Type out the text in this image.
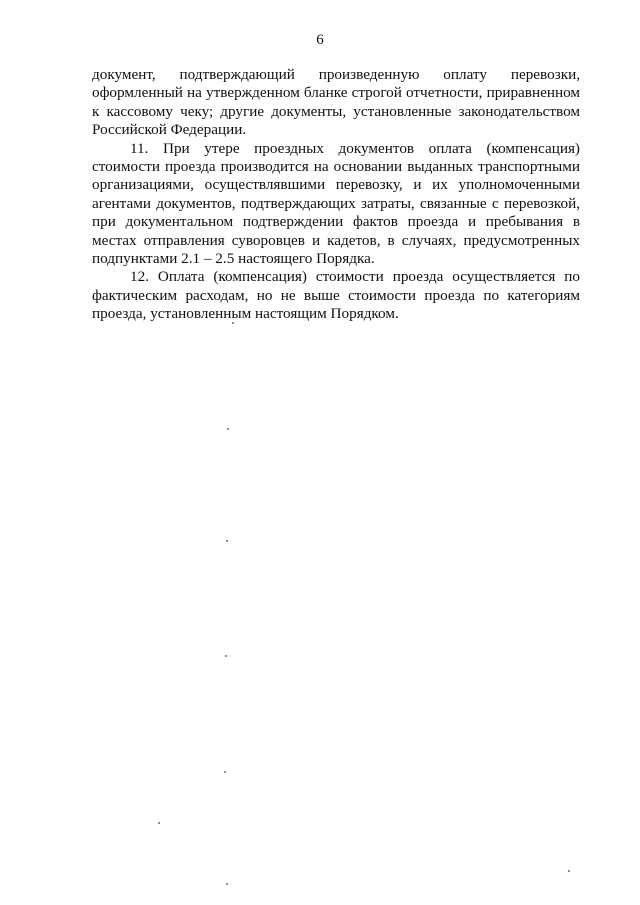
6

документ, подтверждающий произведенную оплату перевозки, оформленный на утвержденном бланке строгой отчетности, приравненном к кассовому чеку; другие документы, установленные законодательством Российской Федерации.

11. При утере проездных документов оплата (компенсация) стоимости проезда производится на основании выданных транспортными организациями, осуществлявшими перевозку, и их уполномоченными агентами документов, подтверждающих затраты, связанные с перевозкой, при документальном подтверждении фактов проезда и пребывания в местах отправления суворовцев и кадетов, в случаях, предусмотренных подпунктами 2.1 – 2.5 настоящего Порядка.

12. Оплата (компенсация) стоимости проезда осуществляется по фактическим расходам, но не выше стоимости проезда по категориям проезда, установленным настоящим Порядком.
